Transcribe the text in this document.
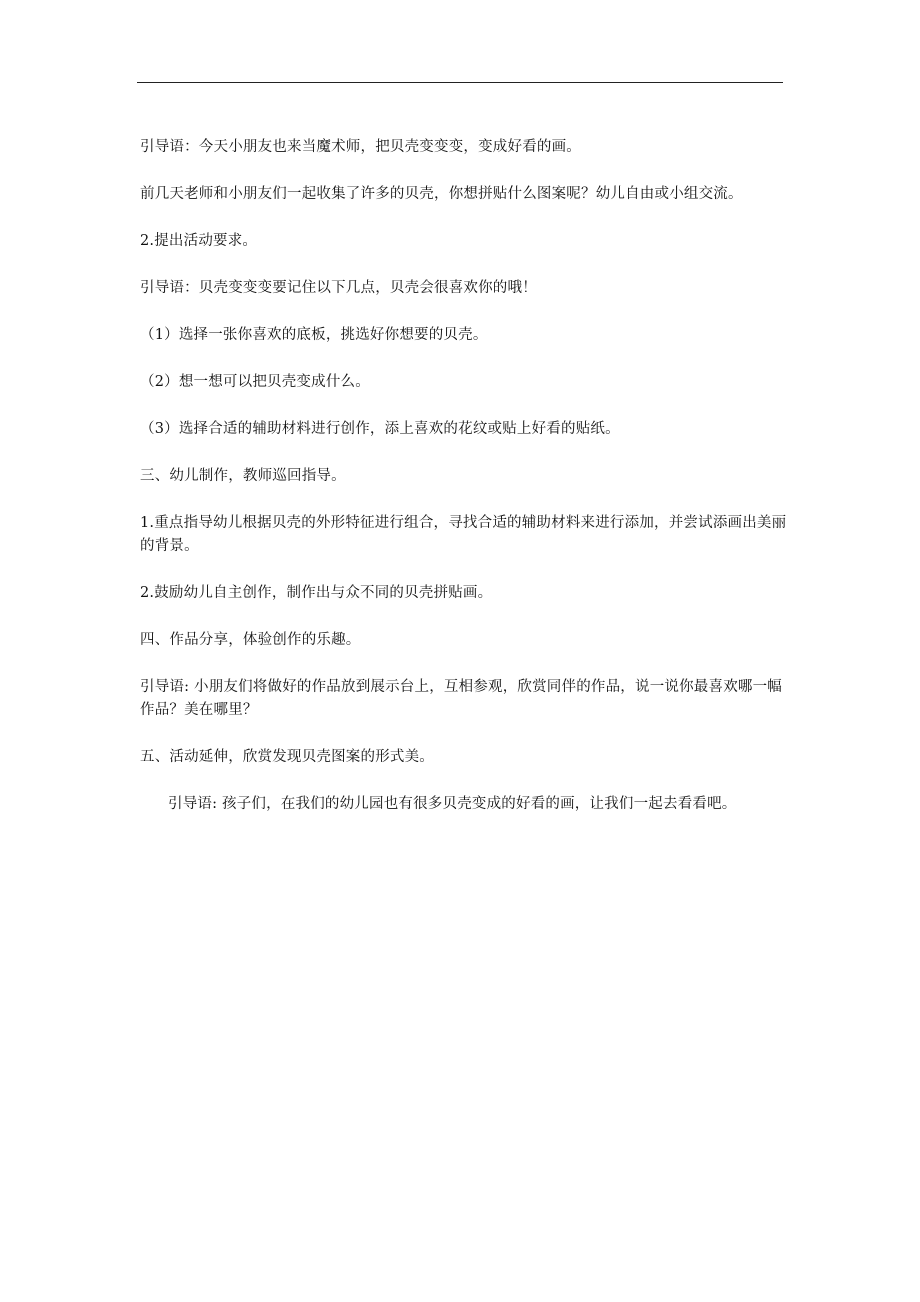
引导语：今天小朋友也来当魔术师，把贝壳变变变，变成好看的画。

前几天老师和小朋友们一起收集了许多的贝壳，你想拼贴什么图案呢？幼儿自由或小组交流。

2.提出活动要求。

引导语：贝壳变变变要记住以下几点，贝壳会很喜欢你的哦！

（1）选择一张你喜欢的底板，挑选好你想要的贝壳。

（2）想一想可以把贝壳变成什么。

（3）选择合适的辅助材料进行创作，添上喜欢的花纹或贴上好看的贴纸。

三、幼儿制作，教师巡回指导。

1.重点指导幼儿根据贝壳的外形特征进行组合，寻找合适的辅助材料来进行添加，并尝试添画出美丽的背景。

2.鼓励幼儿自主创作，制作出与众不同的贝壳拼贴画。

四、作品分享，体验创作的乐趣。

引导语: 小朋友们将做好的作品放到展示台上，互相参观，欣赏同伴的作品，说一说你最喜欢哪一幅作品？美在哪里？

五、活动延伸，欣赏发现贝壳图案的形式美。

引导语: 孩子们，在我们的幼儿园也有很多贝壳变成的好看的画，让我们一起去看看吧。
